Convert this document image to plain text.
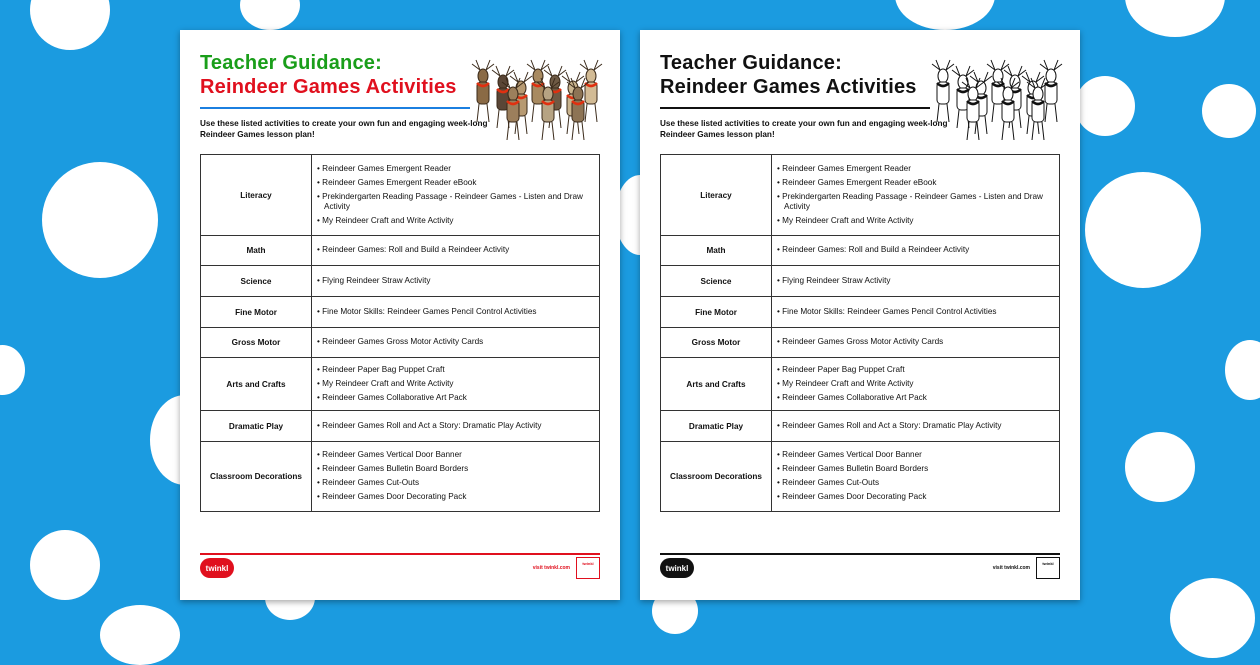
Teacher Guidance:
Reindeer Games Activities
Use these listed activities to create your own fun and engaging week-long Reindeer Games lesson plan!
Literacy	• Reindeer Games Emergent Reader
• Reindeer Games Emergent Reader eBook
• Prekindergarten Reading Passage - Reindeer Games - Listen and Draw Activity
• My Reindeer Craft and Write Activity

Math	• Reindeer Games: Roll and Build a Reindeer Activity

Science	• Flying Reindeer Straw Activity

Fine Motor	• Fine Motor Skills: Reindeer Games Pencil Control Activities

Gross Motor	• Reindeer Games Gross Motor Activity Cards

Arts and Crafts	• Reindeer Paper Bag Puppet Craft
• My Reindeer Craft and Write Activity
• Reindeer Games Collaborative Art Pack

Dramatic Play	• Reindeer Games Roll and Act a Story: Dramatic Play Activity

Classroom Decorations	• Reindeer Games Vertical Door Banner
• Reindeer Games Bulletin Board Borders
• Reindeer Games Cut-Outs
• Reindeer Games Door Decorating Pack
twinkl	visit twinkl.com
twinkl
Teacher Guidance:
Reindeer Games Activities
Use these listed activities to create your own fun and engaging week-long Reindeer Games lesson plan!
Literacy	• Reindeer Games Emergent Reader
• Reindeer Games Emergent Reader eBook
• Prekindergarten Reading Passage - Reindeer Games - Listen and Draw Activity
• My Reindeer Craft and Write Activity

Math	• Reindeer Games: Roll and Build a Reindeer Activity

Science	• Flying Reindeer Straw Activity

Fine Motor	• Fine Motor Skills: Reindeer Games Pencil Control Activities

Gross Motor	• Reindeer Games Gross Motor Activity Cards

Arts and Crafts	• Reindeer Paper Bag Puppet Craft
• My Reindeer Craft and Write Activity
• Reindeer Games Collaborative Art Pack

Dramatic Play	• Reindeer Games Roll and Act a Story: Dramatic Play Activity

Classroom Decorations	• Reindeer Games Vertical Door Banner
• Reindeer Games Bulletin Board Borders
• Reindeer Games Cut-Outs
• Reindeer Games Door Decorating Pack
twinkl	visit twinkl.com
twinkl
